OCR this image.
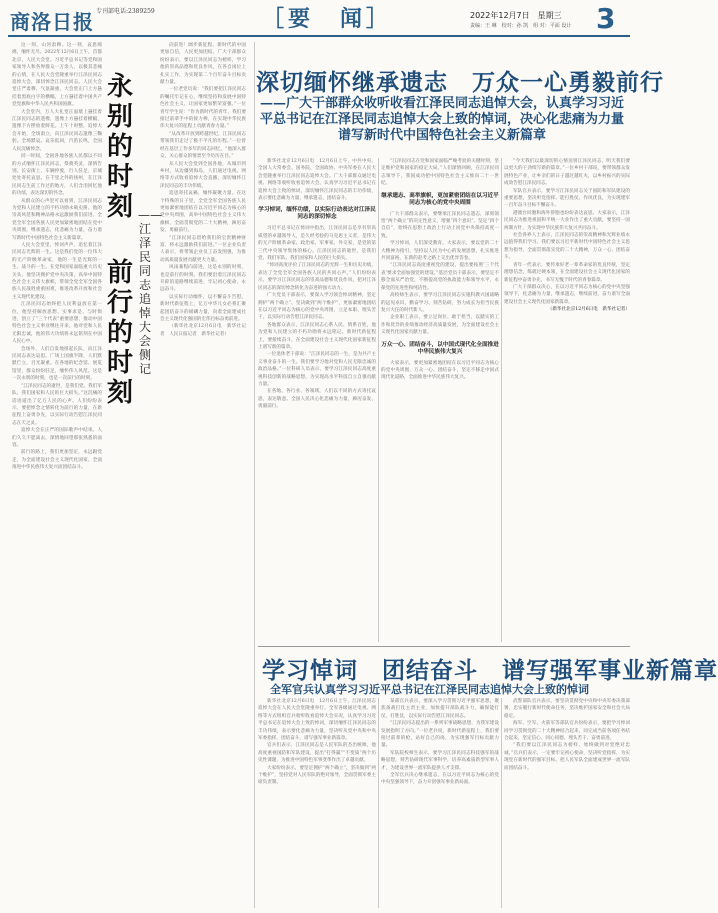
商洛日报 专刊部电话:2389259	［要　闻］	2022年12月7日　星期三
责编：王 琳　校对：孙 凯　组 对：平面 设计 3
永别的时刻
前行的时刻
——江泽民同志追悼大会侧记

这一刻，山河肃穆。这一刻，哀思绵绵，缅怀无尽。2022年12月6日上午，首都北京，人民大会堂。习近平总书记等党和国家领导人和各界群众一万余人，以极其悲痛的心情，在人民大会堂隆重举行江泽民同志追悼大会，深切悼念江泽民同志。人民大会堂庄严肃穆，气氛凝重，大会堂正门上方悬挂着黑底白字的横幅，上方悬挂着中国共产党党旗和中华人民共和国国旗。

大会堂内，万人大礼堂正面墙上悬挂着江泽民同志的遗像，遗像上方悬挂着横幅，遗像下方摆放着鲜花。上午十时整，追悼大会开始，全场肃立，向江泽民同志遗像三鞠躬。全场默哀。哀乐低回，汽笛长鸣，全国人民沉痛悼念。

同一时间，全国各地各族人民都以不同的方式缅怀江泽民同志，祭奠英灵，深情告别。长安街上，车辆停驶，行人驻足，京城处处寄托哀思。在千里之外的扬州，在江泽民同志生前工作过的地方，人们含泪回忆他的功绩，表达深切的怀念。

从群众的心声里可以看到，江泽民同志为党和人民建立的不朽功勋永载史册。他的崇高风范和精神品格永远激励我们前进。全党全军全国各族人民更加紧密地团结在党中央周围，继承遗志，化悲痛为力量，奋力谱写新时代中国特色社会主义新篇章。

人民大会堂里，悼词声声，追忆着江泽民同志光辉的一生。这是我们党的一位伟大的无产阶级革命家，他的一生是光辉的一生、战斗的一生。在党和国家面临重大历史关头，他坚决拥护党中央决策，高举中国特色社会主义伟大旗帜，带领全党全军全国各族人民战胜重重困难，推进改革开放和社会主义现代化建设。

江泽民同志始终把人民利益放在第一位，他坚持解放思想、实事求是、与时俱进，创立了“三个代表”重要思想，推动中国特色社会主义事业继往开来。他对党和人民无限忠诚，他的伟大功绩将永远铭刻在中国人民心中。

会场外，人们自发地排起长队，向江泽民同志表达哀思。广场上国旗半降，人们默默伫立，目光凝重。在各地的纪念馆、展览馆里，群众纷纷驻足，缅怀伟人风范。这是一次永别的时刻，也是一次前行的时刻。

“江泽民同志的逝世，是我们党、我们军队、我们国家和人民的巨大损失。”这沉痛的话语道出了亿万人民的心声。人们纷纷表示，要把悼念之情转化为前行的力量，在新征程上奋勇争先，以实际行动告慰江泽民同志在天之灵。

追悼大会在庄严的国际歌声中结束。人们久久不愿离去，深情地回望那张熟悉的面容。

前行的路上，我们更加坚定，永远跟党走，为全面建设社会主义现代化国家、全面推进中华民族伟大复兴而团结奋斗。

向前进！阔步新征程。新时代的中国更加自信，人民更加团结。广大干部群众纷纷表示，要以江泽民同志为榜样，学习他的崇高品德和优良作风，在各自岗位上扎实工作，为实现第二个百年奋斗目标贡献力量。

一位老党员说：“我们要把江泽民同志的嘱托牢记在心，继续坚持和发展中国特色社会主义，让国家更加繁荣富强。”一位青年学生说：“作为新时代的青年，我们要接过前辈手中的接力棒，在实现中华民族伟大复兴的征程上贡献青春力量。”

“从改革开放到跨越世纪，江泽民同志带领我们走过了极不平凡的历程。”一位曾经在基层工作多年的同志回忆，“他深入群众、关心群众的情景至今历历在目。”

从人民大会堂到全国各地，从城市到乡村，从边疆到海岛，人们通过电视、网络等方式收看追悼大会直播，深切缅怀江泽民同志的丰功伟绩。

追思寄托哀痛，缅怀凝聚力量。在这个特殊的日子里，全党全军全国各族人民更加紧密地团结在以习近平同志为核心的党中央周围，高举中国特色社会主义伟大旗帜，全面贯彻党的二十大精神，踔厉奋发、勇毅前行。

“江泽民同志留给我们的宝贵精神财富，将永远激励我们前进。”一位企业负责人表示，将带领企业员工奋发图强，为推动高质量发展贡献更大力量。

风雨兼程向前进，这是永别的时刻，也是前行的时刻。我们要沿着江泽民同志开辟的道路继续前进，牢记初心使命，永远奋斗。

以实际行动缅怀，以不懈奋斗告慰。新时代新征程上，亿万中华儿女必将汇聚起团结奋斗的磅礴力量，向着全面建成社会主义现代化强国的宏伟目标奋勇前进。

（新华社北京12月6日电　新华社记者　人民日报记者　新华社记者）

深切缅怀继承遗志　万众一心勇毅前行
——广大干部群众收听收看江泽民同志追悼大会，认真学习习近平总书记在江泽民同志追悼大会上致的悼词，决心化悲痛为力量谱写新时代中国特色社会主义新篇章

新华社北京12月6日电　12月6日上午，中共中央、全国人大常委会、国务院、全国政协、中央军委在人民大会堂隆重举行江泽民同志追悼大会。广大干部群众通过电视、网络等收听收看追悼大会，认真学习习近平总书记在追悼大会上致的悼词，深切缅怀江泽民同志的丰功伟绩，表示要化悲痛为力量，继承遗志，团结奋斗。

学习悼词，缅怀功绩，以实际行动表达对江泽民同志的深切悼念

习近平总书记在悼词中指出，江泽民同志是享有崇高威望的卓越领导人，是久经考验的马克思主义者，是伟大的无产阶级革命家、政治家、军事家、外交家，是党的第三代中央领导集体的核心。江泽民同志的逝世，是我们党、我们军队、我们国家和人民的巨大损失。

“悼词高度评价了江泽民同志的光辉一生和历史功绩，表达了全党全军全国各族人民的共同心声。”人们纷纷表示，要学习江泽民同志的崇高品德和优良作风，把对江泽民同志的深切悼念转化为奋进的强大动力。

广大党员干部表示，要深入学习领会悼词精神，坚定拥护“两个确立”、坚决做到“两个维护”，更加紧密地团结在以习近平同志为核心的党中央周围，立足本职、埋头苦干，以实际行动告慰江泽民同志。

各地群众表示，江泽民同志心系人民、情系百姓，他为党和人民建立的不朽功勋将永远铭记。新时代新征程上，要接续奋斗，在全面建设社会主义现代化国家新征程上谱写新的篇章。

一位退休老干部说：“江泽民同志的一生，是为共产主义事业奋斗的一生。我们要学习他对党和人民无限忠诚的政治品格。”一位科研人员表示，要学习江泽民同志高度重视科技创新的战略思想，为实现高水平科技自立自强贡献力量。

在各地、各行业、各领域，人们以不同的方式寄托哀思，表达敬意。全国人民决心化悲痛为力量，踔厉奋发、勇毅前行。

“江泽民同志在党和国家面临严峻考验的关键时刻，坚定维护党和国家的稳定大局。”人们深情回顾，在江泽民同志领导下，我国成功把中国特色社会主义推向二十一世纪。

继承遗志、高举旗帜，更加紧密团结在以习近平同志为核心的党中央周围

广大干部群众表示，要继承江泽民同志遗志，深刻领悟“两个确立”的决定性意义，增强“四个意识”、坚定“四个自信”，始终在思想上政治上行动上同党中央保持高度一致。

学习悼词，人们深受教育。大家表示，要以党的二十大精神为指引，坚持以人民为中心的发展思想，扎实推进共同富裕，在新的赶考之路上交出优异答卷。

“江泽民同志高度重视党的建设，提出要按照‘三个代表’要求全面加强党的建设。”基层党员干部表示，要坚定不移全面从严治党，不断提高党的执政能力和领导水平，永葆党的先进性和纯洁性。

高校师生表示，要学习江泽民同志实施科教兴国战略的远见卓识，勤奋学习、刻苦钻研，努力成长为担当民族复兴大任的时代新人。

企业职工表示，要立足岗位、敢于担当，以踏实的工作和优异的业绩推动经济高质量发展，为全面建设社会主义现代化国家贡献力量。

万众一心、团结奋斗，以中国式现代化全面推进中华民族伟大复兴

大家表示，要更加紧密地团结在以习近平同志为核心的党中央周围，万众一心、团结奋斗，坚定不移走中国式现代化道路，全面推进中华民族伟大复兴。

“今天我们以最深切的心情送别江泽民同志，明天我们要以更大的干劲续写新的篇章。”一位乡村干部说，要带领群众发展特色产业，让乡亲们的日子越过越红火，以乡村振兴的实际成效告慰江泽民同志。

军队官兵表示，要学习江泽民同志关于国防和军队建设的重要思想，坚决听党指挥、能打胜仗、作风优良，为实现建军一百年奋斗目标不懈奋斗。

港澳台同胞和海外侨胞也纷纷表达哀思。大家表示，江泽民同志为推进祖国和平统一大业作出了重大贡献，要坚持一国两制方针，为实现中华民族伟大复兴共同奋斗。

社会各界人士表示，江泽民同志的崇高精神和光辉业绩永远值得我们学习。我们要以习近平新时代中国特色社会主义思想为指导，全面贯彻落实党的二十大精神，万众一心、团结奋斗。

青年一代表示，要传承好老一辈革命家的优良传统，坚定理想信念，练就过硬本领，在全面建设社会主义现代化国家的新征程中奋勇争先，书写无愧于时代的青春篇章。

广大干部群众决心，在以习近平同志为核心的党中央坚强领导下，化悲痛为力量，继承遗志，继续前进，奋力谱写全面建设社会主义现代化国家新篇章。

（新华社北京12月6日电　新华社记者）

学习悼词　团结奋斗　谱写强军事业新篇章
全军官兵认真学习习近平总书记在江泽民同志追悼大会上致的悼词

新华社北京12月6日电　12月6日上午，江泽民同志追悼大会在人民大会堂隆重举行。全军各级通过电视、网络等方式组织官兵收听收看追悼大会实况，认真学习习近平总书记在追悼大会上致的悼词，深切缅怀江泽民同志的丰功伟绩，表示要化悲痛为力量，坚决听从党中央和中央军委指挥，团结奋斗，谱写强军事业新篇章。

官兵们表示，江泽民同志是人民军队的杰出统帅，他高度重视国防和军队建设，提出“打得赢”“不变质”两个历史性课题，为推进中国特色军事变革作出了卓越贡献。

大家纷纷表示，要坚定拥护“两个确立”、坚决做到“两个维护”，坚持党对人民军队的绝对领导，全面贯彻军委主席负责制。

某部官兵表示，要深入学习贯彻习近平强军思想，聚焦备战打仗主责主业，加快提升部队战斗力，确保能打仗、打胜仗，以实际行动告慰江泽民同志。

“江泽民同志提出的一系列军事战略思想，为我军建设发展指明了方向。”一位老兵说，新时代新征程上，我们要接过前辈的枪，站好自己的岗，为实现强军目标贡献力量。

军队院校师生表示，要学习江泽民同志科技强军的战略思想，刻苦钻研现代军事科学，培养高素质新型军事人才，为建设世界一流军队提供人才支撑。

全军官兵决心继承遗志，在以习近平同志为核心的党中央坚强领导下，奋力开创强军事业新局面。

武警部队官兵表示，要坚决贯彻党中央和中央军委决策部署，忠实履行新时代使命任务，坚决维护国家安全和社会大局稳定。

海军、空军、火箭军等部队官兵纷纷表示，要把学习悼词同学习贯彻党的二十大精神结合起来，同完成当前各项任务结合起来，坚定信心、同心同德、埋头苦干、奋勇前进。

“我们要以江泽民同志为榜样，始终做到对党绝对忠诚。”官兵们表示，一定要牢记初心使命，坚决听党指挥，为实现党在新时代的强军目标、把人民军队全面建成世界一流军队而团结奋斗。
